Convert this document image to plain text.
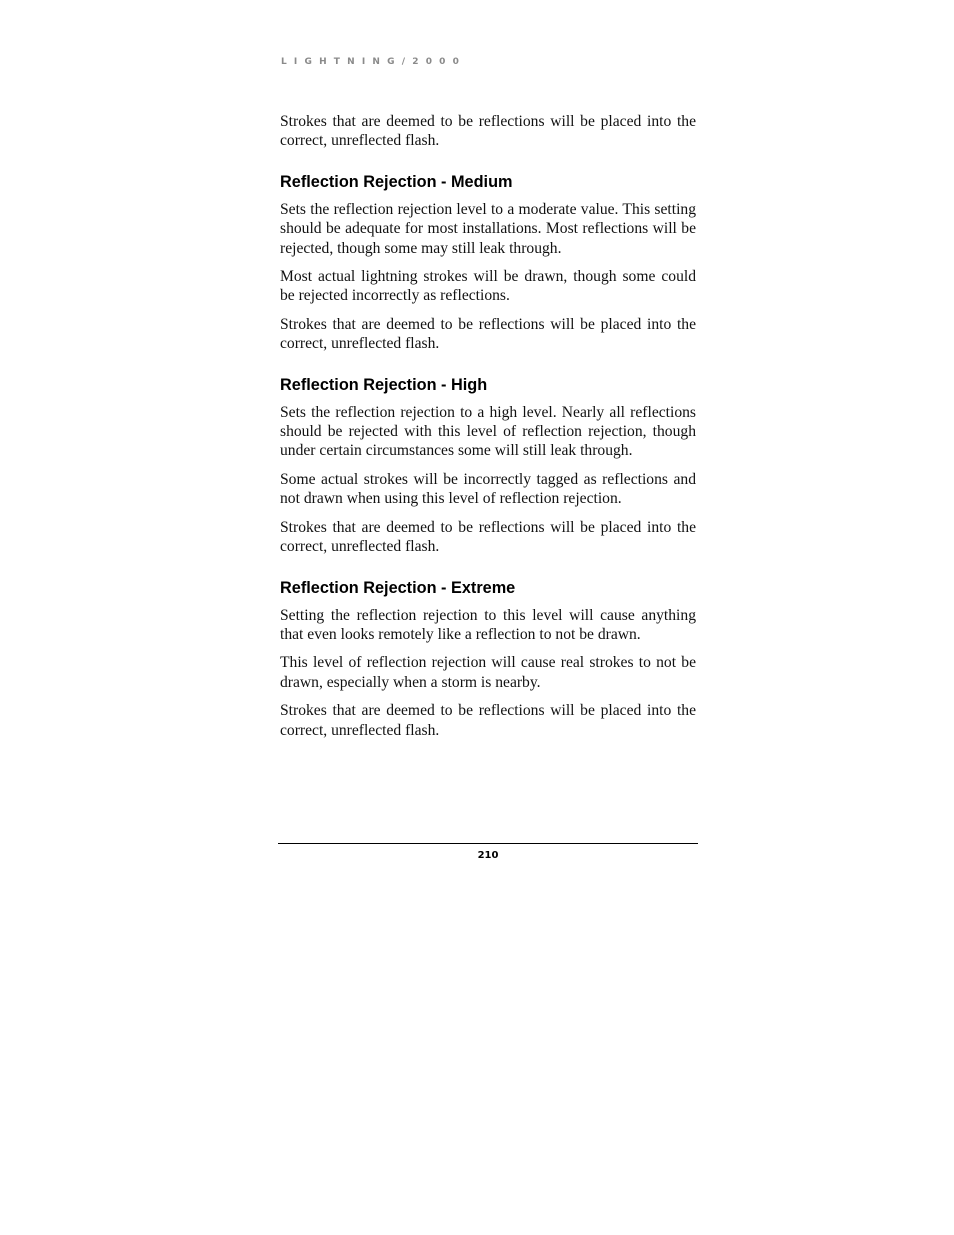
LIGHTNING/2000

Strokes that are deemed to be reflections will be placed into the correct, unreflected flash.

Reflection Rejection - Medium

Sets the reflection rejection level to a moderate value. This setting should be adequate for most installations. Most reflections will be rejected, though some may still leak through.

Most actual lightning strokes will be drawn, though some could be rejected incorrectly as reflections.

Strokes that are deemed to be reflections will be placed into the correct, unreflected flash.

Reflection Rejection - High

Sets the reflection rejection to a high level. Nearly all reflections should be rejected with this level of reflection rejection, though under certain circumstances some will still leak through.

Some actual strokes will be incorrectly tagged as reflections and not drawn when using this level of reflection rejection.

Strokes that are deemed to be reflections will be placed into the correct, unreflected flash.

Reflection Rejection - Extreme

Setting the reflection rejection to this level will cause anything that even looks remotely like a reflection to not be drawn.

This level of reflection rejection will cause real strokes to not be drawn, especially when a storm is nearby.

Strokes that are deemed to be reflections will be placed into the correct, unreflected flash.

210
